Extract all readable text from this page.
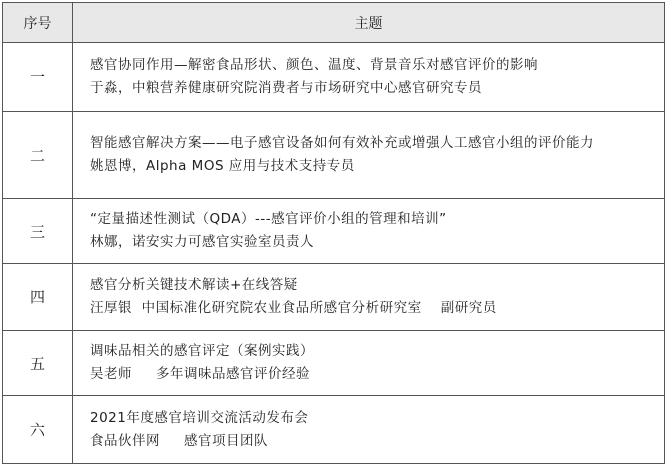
序号	主题
一	感官协同作用—解密食品形状、颜色、温度、背景音乐对感官评价的影响
于淼，中粮营养健康研究院消费者与市场研究中心感官研究专员

二	智能感官解决方案——电子感官设备如何有效补充或增强人工感官小组的评价能力
姚恩博，Alpha MOS 应用与技术支持专员

三	“定量描述性测试（QDA）---感官评价小组的管理和培训”
林娜，诺安实力可感官实验室员责人

四	感官分析关键技术解读+在线答疑
汪厚银  中国标准化研究院农业食品所感官分析研究室    副研究员

五	调味品相关的感官评定（案例实践）
吴老师     多年调味品感官评价经验

六	2021年度感官培训交流活动发布会
食品伙伴网     感官项目团队
